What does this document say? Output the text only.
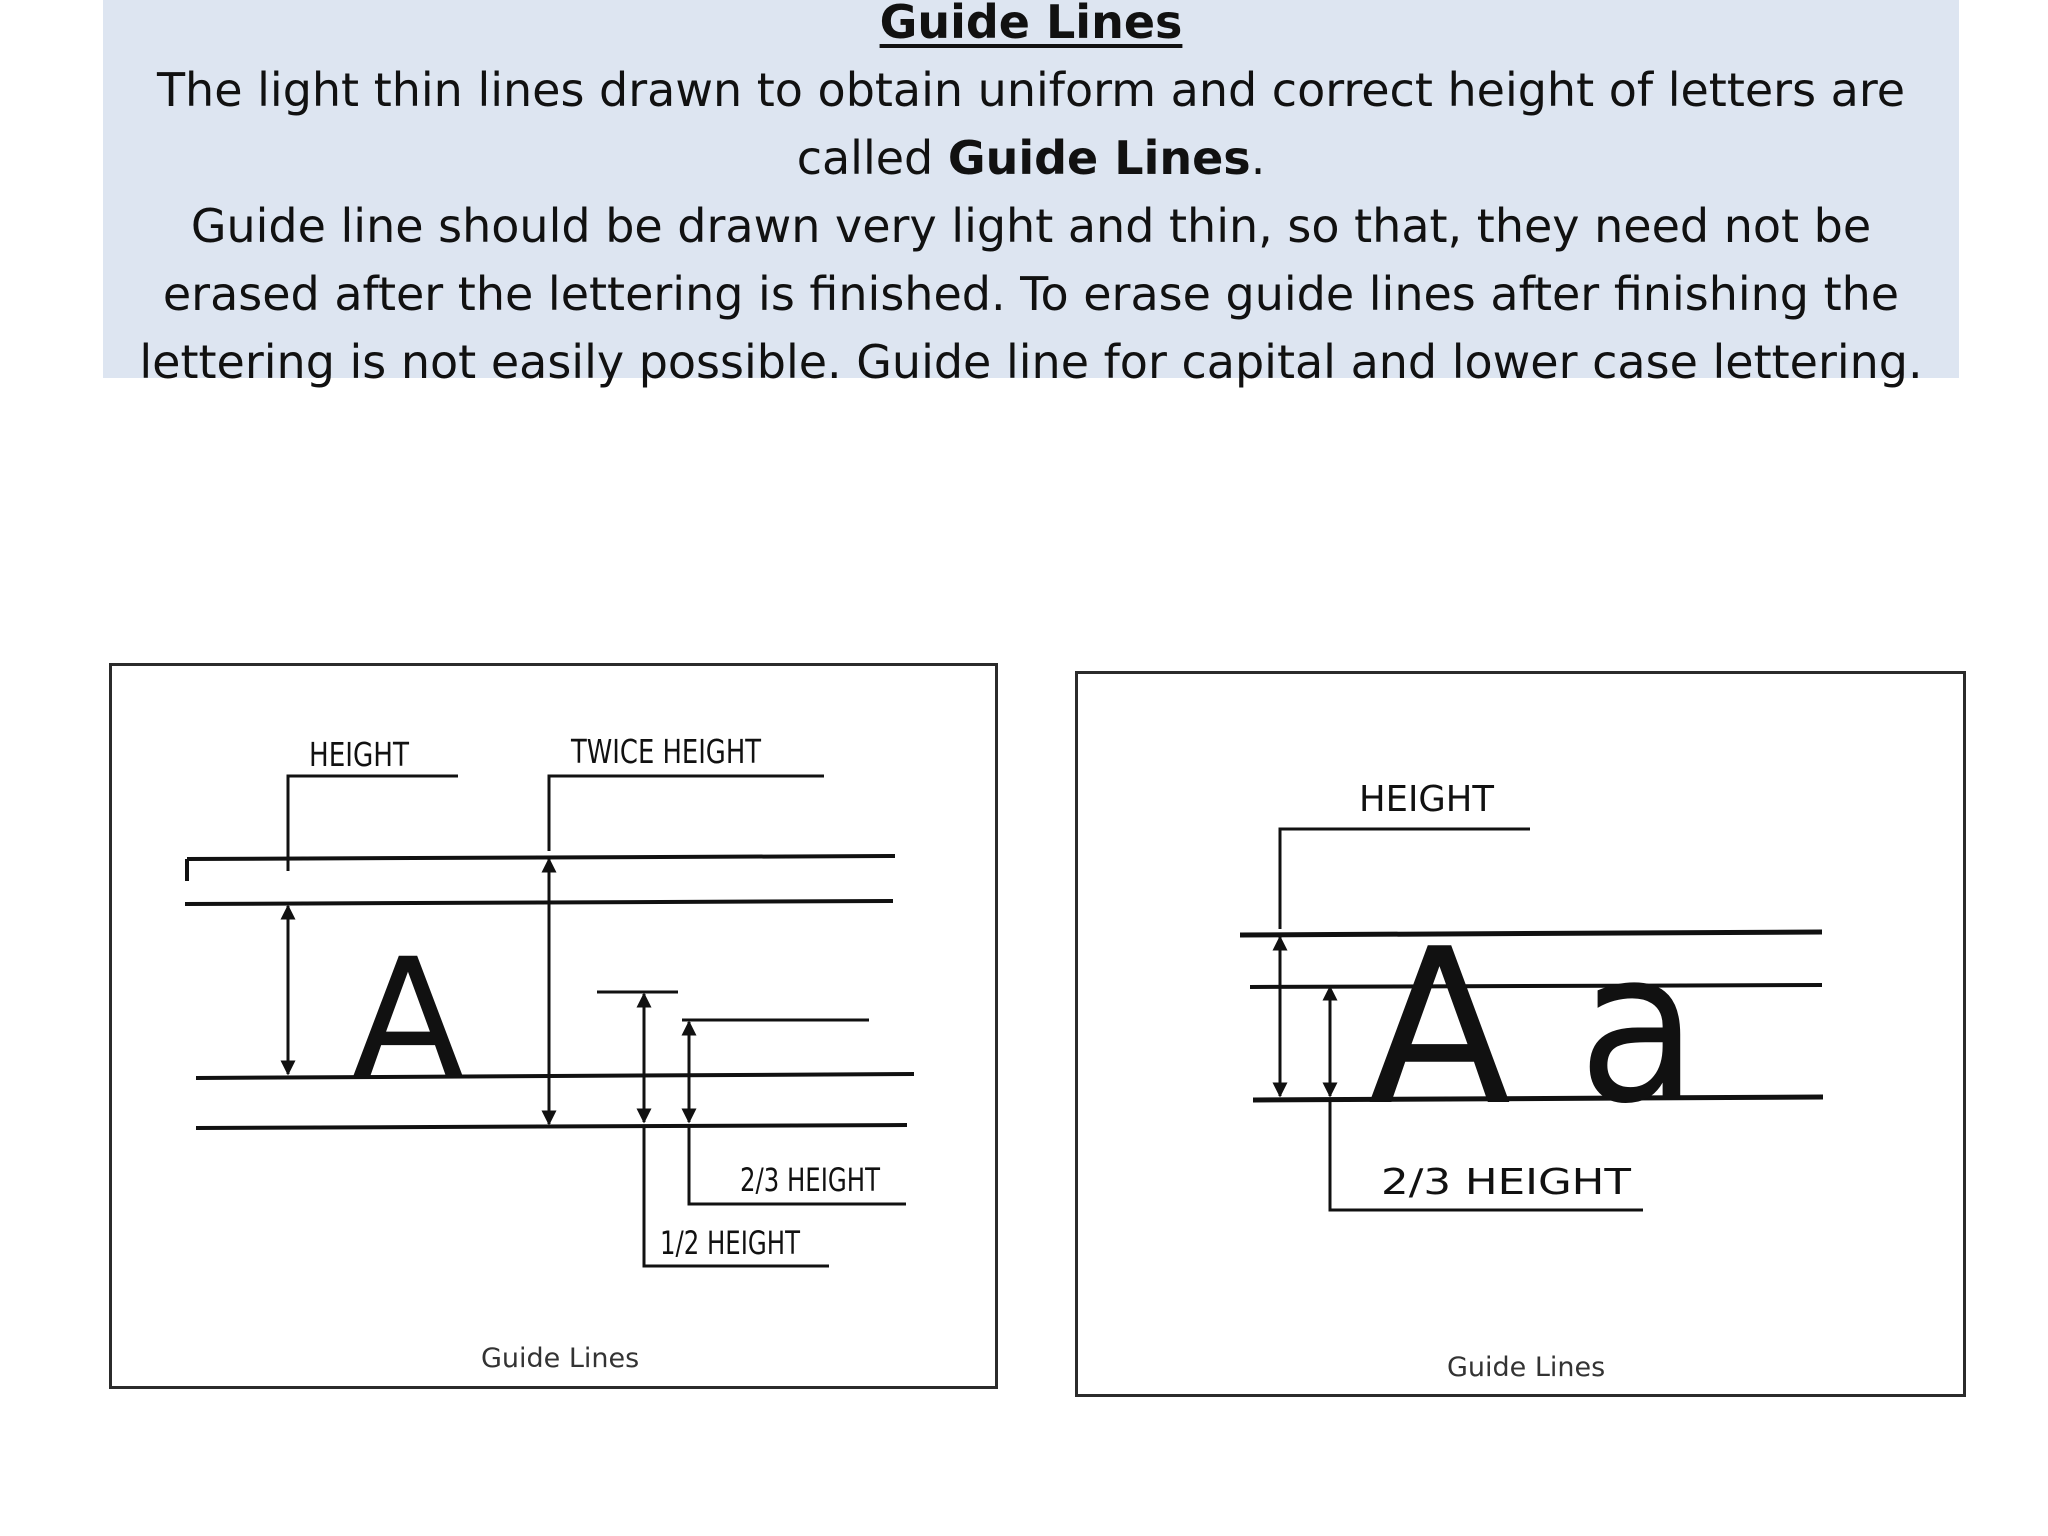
Guide Lines

The light thin lines drawn to obtain uniform and correct height of letters are called Guide Lines.

Guide line should be drawn very light and thin, so that, they need not be

erased after the lettering is finished. To erase guide lines after finishing the

lettering is not easily possible. Guide line for capital and lower case lettering.

HEIGHT	TWICE HEIGHT
A
1/2 HEIGHT
2/3 HEIGHT
Guide Lines
HEIGHT
2/3 HEIGHT
A a
Guide Lines
